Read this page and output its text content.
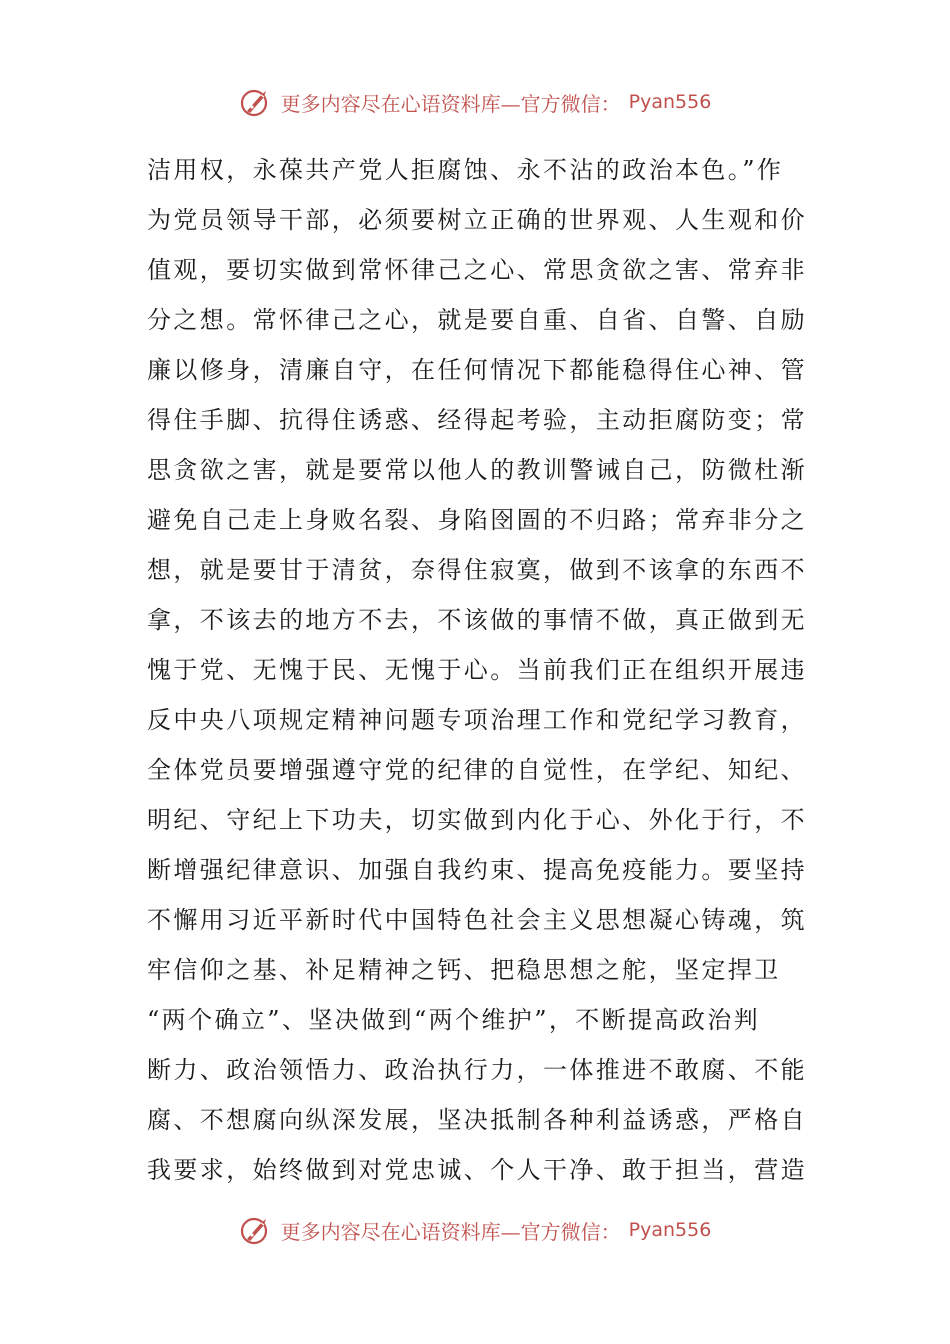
更多内容尽在心语资料库—官方微信： Pyan556
洁用权，永葆共产党人拒腐蚀、永不沾的政治本色。”作
为党员领导干部，必须要树立正确的世界观、人生观和价
值观，要切实做到常怀律己之心、常思贪欲之害、常弃非
分之想。常怀律己之心，就是要自重、自省、自警、自励
廉以修身，清廉自守，在任何情况下都能稳得住心神、管
得住手脚、抗得住诱惑、经得起考验，主动拒腐防变；常
思贪欲之害，就是要常以他人的教训警诫自己，防微杜渐
避免自己走上身败名裂、身陷囹圄的不归路；常弃非分之
想，就是要甘于清贫，奈得住寂寞，做到不该拿的东西不
拿，不该去的地方不去，不该做的事情不做，真正做到无
愧于党、无愧于民、无愧于心。当前我们正在组织开展违
反中央八项规定精神问题专项治理工作和党纪学习教育，
全体党员要增强遵守党的纪律的自觉性，在学纪、知纪、
明纪、守纪上下功夫，切实做到内化于心、外化于行，不
断增强纪律意识、加强自我约束、提高免疫能力。要坚持
不懈用习近平新时代中国特色社会主义思想凝心铸魂，筑
牢信仰之基、补足精神之钙、把稳思想之舵，坚定捍卫
“两个确立”、坚决做到“两个维护”，不断提高政治判
断力、政治领悟力、政治执行力，一体推进不敢腐、不能
腐、不想腐向纵深发展，坚决抵制各种利益诱惑，严格自
我要求，始终做到对党忠诚、个人干净、敢于担当，营造
更多内容尽在心语资料库—官方微信： Pyan556
